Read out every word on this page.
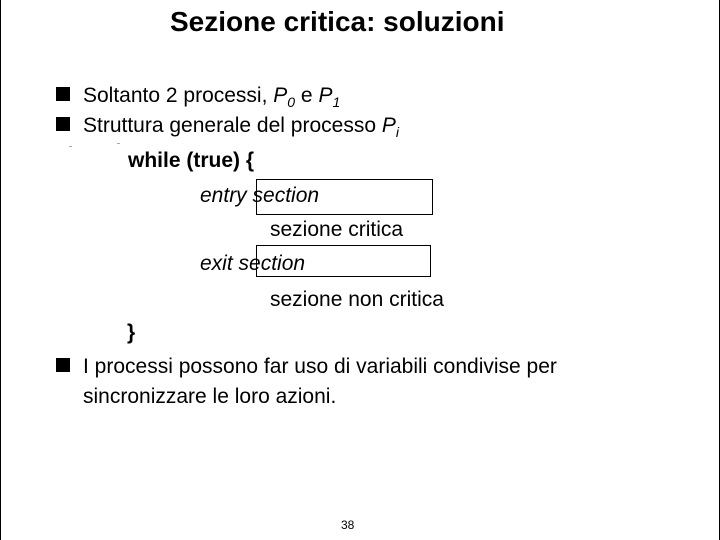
Sezione critica: soluzioni
Soltanto 2 processi, $P_0$ e $P_1$
Struttura generale del processo $P_i$
while (true) {
entry section
sezione critica
exit section
sezione non critica
}
I processi possono far uso di variabili condivise per
sincronizzare le loro azioni.
38
